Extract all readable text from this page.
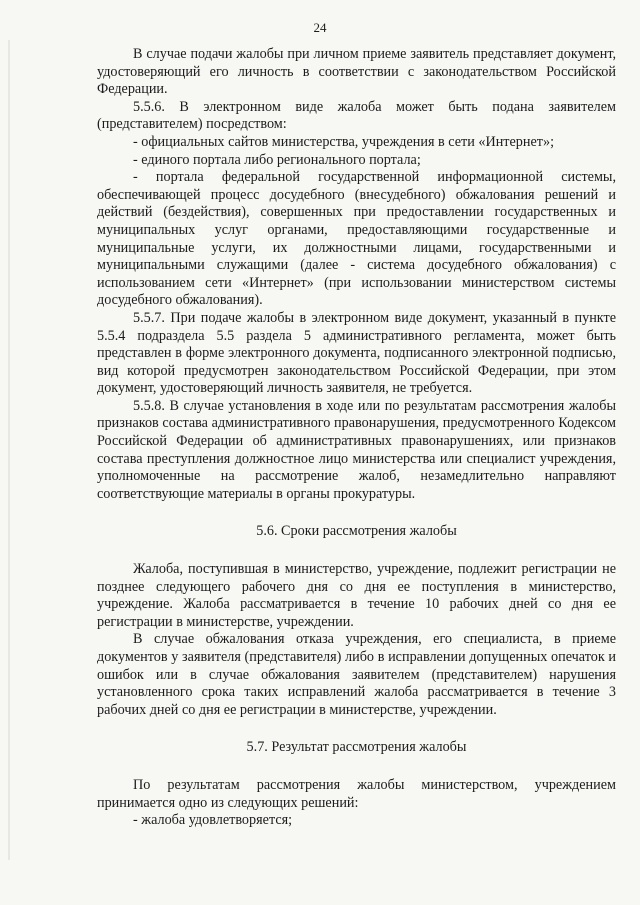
24

В случае подачи жалобы при личном приеме заявитель представляет документ, удостоверяющий его личность в соответствии с законодательством Российской Федерации.

5.5.6. В электронном виде жалоба может быть подана заявителем (представителем) посредством:

- официальных сайтов министерства, учреждения в сети «Интернет»;

- единого портала либо регионального портала;

- портала федеральной государственной информационной системы, обеспечивающей процесс досудебного (внесудебного) обжалования решений и действий (бездействия), совершенных при предоставлении государственных и муниципальных услуг органами, предоставляющими государственные и муниципальные услуги, их должностными лицами, государственными и муниципальными служащими (далее - система досудебного обжалования) с использованием сети «Интернет» (при использовании министерством системы досудебного обжалования).

5.5.7. При подаче жалобы в электронном виде документ, указанный в пункте 5.5.4 подраздела 5.5 раздела 5 административного регламента, может быть представлен в форме электронного документа, подписанного электронной подписью, вид которой предусмотрен законодательством Российской Федерации, при этом документ, удостоверяющий личность заявителя, не требуется.

5.5.8. В случае установления в ходе или по результатам рассмотрения жалобы признаков состава административного правонарушения, предусмотренного Кодексом Российской Федерации об административных правонарушениях, или признаков состава преступления должностное лицо министерства или специалист учреждения, уполномоченные на рассмотрение жалоб, незамедлительно направляют соответствующие материалы в органы прокуратуры.

5.6. Сроки рассмотрения жалобы

Жалоба, поступившая в министерство, учреждение, подлежит регистрации не позднее следующего рабочего дня со дня ее поступления в министерство, учреждение. Жалоба рассматривается в течение 10 рабочих дней со дня ее регистрации в министерстве, учреждении.

В случае обжалования отказа учреждения, его специалиста, в приеме документов у заявителя (представителя) либо в исправлении допущенных опечаток и ошибок или в случае обжалования заявителем (представителем) нарушения установленного срока таких исправлений жалоба рассматривается в течение 3 рабочих дней со дня ее регистрации в министерстве, учреждении.

5.7. Результат рассмотрения жалобы

По результатам рассмотрения жалобы министерством, учреждением принимается одно из следующих решений:

- жалоба удовлетворяется;
